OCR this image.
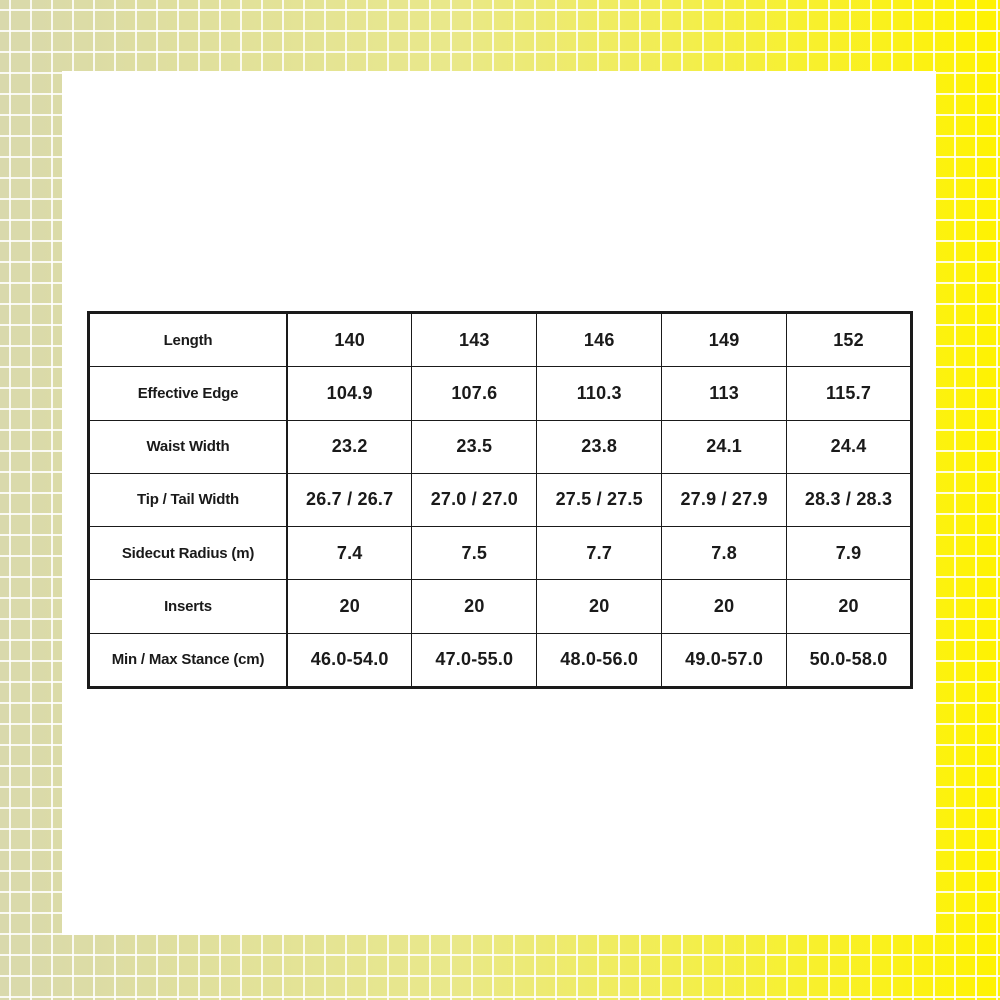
Length	140	143	146	149	152
Effective Edge	104.9	107.6	110.3	113	115.7
Waist Width	23.2	23.5	23.8	24.1	24.4
Tip / Tail Width	26.7 / 26.7	27.0 / 27.0	27.5 / 27.5	27.9 / 27.9	28.3 / 28.3
Sidecut Radius (m)	7.4	7.5	7.7	7.8	7.9
Inserts	20	20	20	20	20
Min / Max Stance (cm)	46.0-54.0	47.0-55.0	48.0-56.0	49.0-57.0	50.0-58.0
